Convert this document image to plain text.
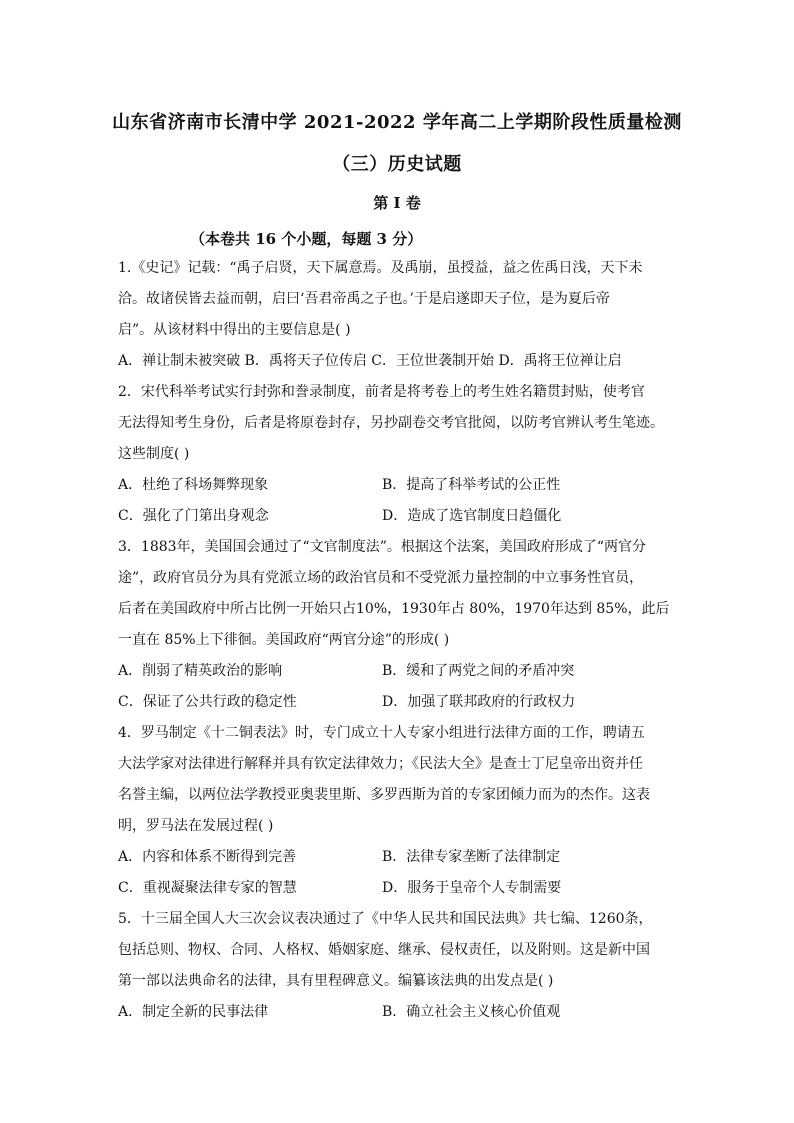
山东省济南市长清中学 2021-2022 学年高二上学期阶段性质量检测
（三）历史试题
第 I 卷
（本卷共 16 个小题，每题 3 分）
1.《史记》记载：“禹子启贤，天下属意焉。及禹崩，虽授益，益之佐禹日浅，天下未
洽。故诸侯皆去益而朝，启曰‘吾君帝禹之子也。’于是启遂即天子位，是为夏后帝
启”。从该材料中得出的主要信息是( )
A．禅让制未被突破 B．禹将天子位传启 C．王位世袭制开始 D．禹将王位禅让启
2．宋代科举考试实行封弥和誊录制度，前者是将考卷上的考生姓名籍贯封贴，使考官
无法得知考生身份，后者是将原卷封存，另抄副卷交考官批阅，以防考官辨认考生笔迹。
这些制度( )
A．杜绝了科场舞弊现象	B．提高了科举考试的公正性
C．强化了门第出身观念	D．造成了选官制度日趋僵化
3．1883年，美国国会通过了“文官制度法”。根据这个法案，美国政府形成了“两官分
途”，政府官员分为具有党派立场的政治官员和不受党派力量控制的中立事务性官员，
后者在美国政府中所占比例一开始只占10%，1930年占 80%，1970年达到 85%，此后
一直在 85%上下徘徊。美国政府“两官分途”的形成( )
A．削弱了精英政治的影响	B．缓和了两党之间的矛盾冲突
C．保证了公共行政的稳定性	D．加强了联邦政府的行政权力
4．罗马制定《十二铜表法》时，专门成立十人专家小组进行法律方面的工作，聘请五
大法学家对法律进行解释并具有钦定法律效力；《民法大全》是查士丁尼皇帝出资并任
名誉主编，以两位法学教授亚奥裴里斯、多罗西斯为首的专家团倾力而为的杰作。这表
明，罗马法在发展过程( )
A．内容和体系不断得到完善	B．法律专家垄断了法律制定
C．重视凝聚法律专家的智慧	D．服务于皇帝个人专制需要
5．十三届全国人大三次会议表决通过了《中华人民共和国民法典》共七编、1260条，
包括总则、物权、合同、人格权、婚姻家庭、继承、侵权责任，以及附则。这是新中国
第一部以法典命名的法律，具有里程碑意义。编纂该法典的出发点是( )
A．制定全新的民事法律	B．确立社会主义核心价值观
